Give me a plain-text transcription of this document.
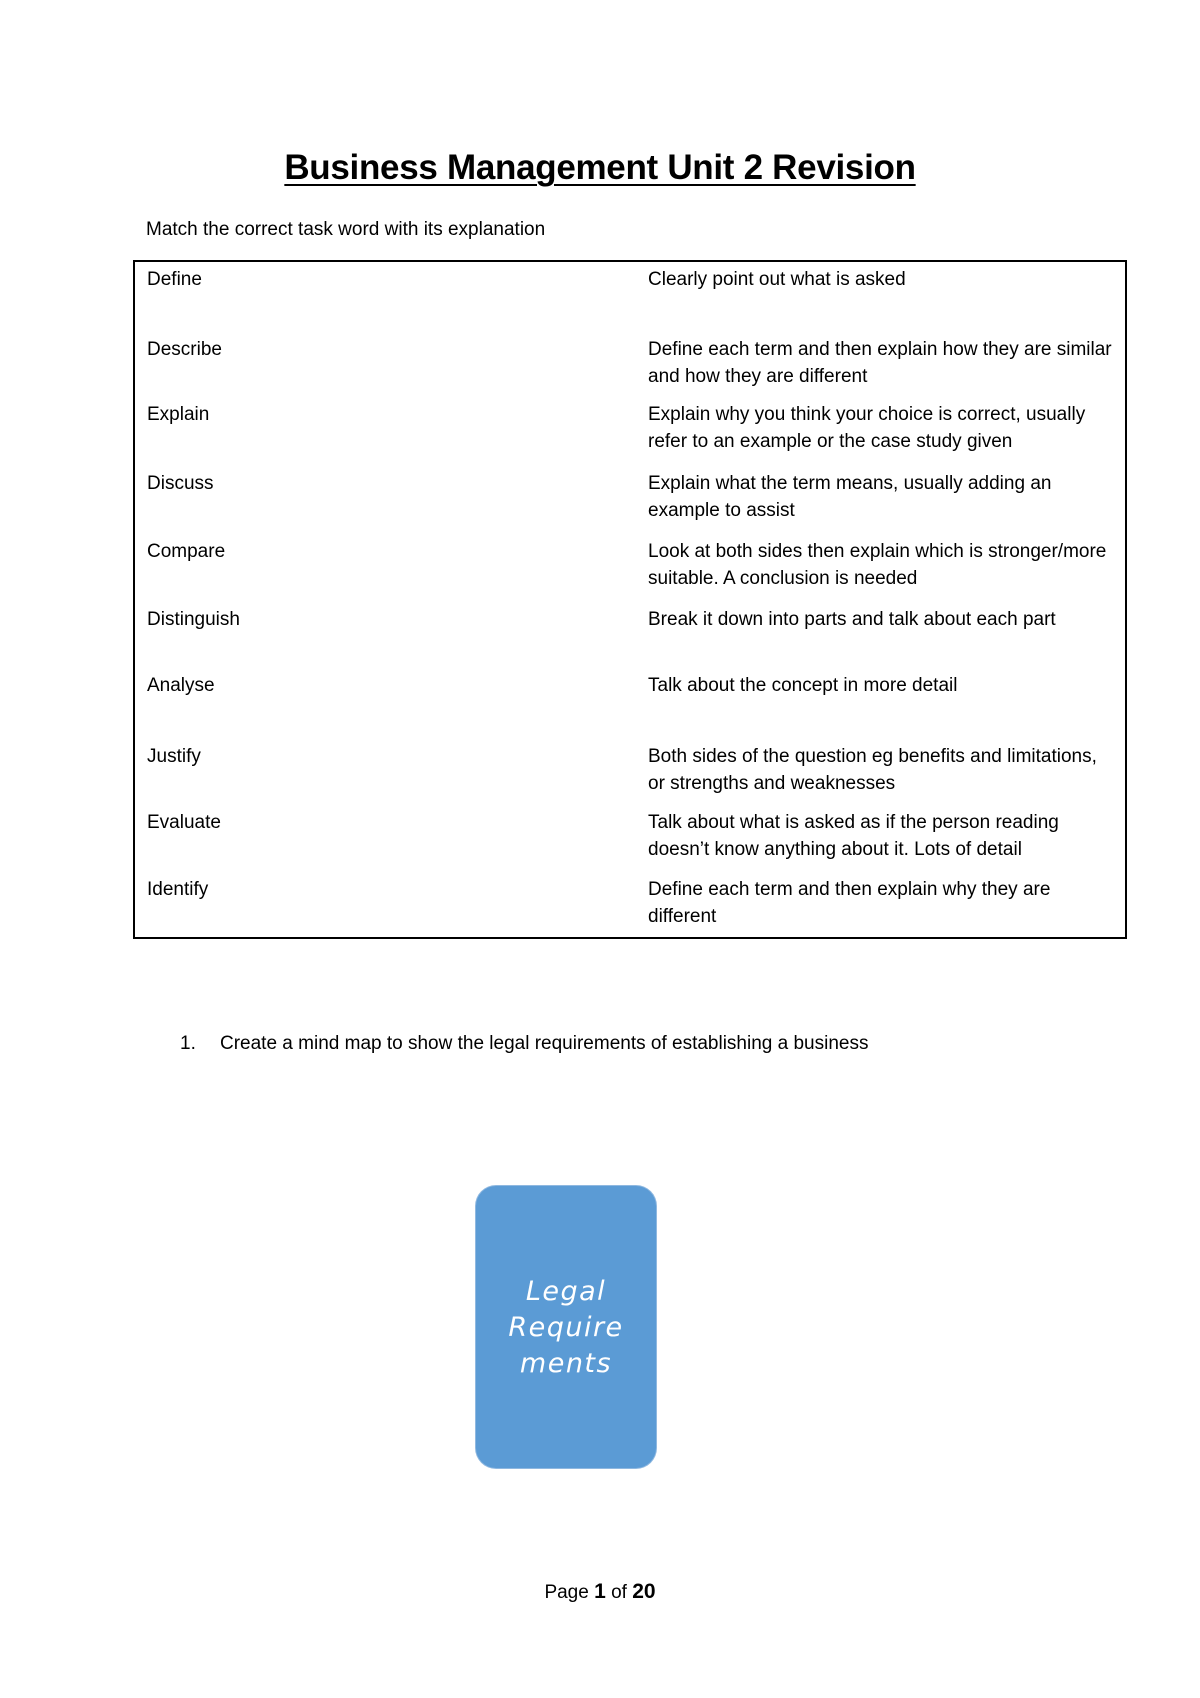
Business Management Unit 2 Revision
Match the correct task word with its explanation
Define	Clearly point out what is asked
Describe	Define each term and then explain how they are similar and how they are different
Explain	Explain why you think your choice is correct, usually refer to an example or the case study given
Discuss	Explain what the term means, usually adding an example to assist
Compare	Look at both sides then explain which is stronger/more suitable. A conclusion is needed
Distinguish	Break it down into parts and talk about each part
Analyse	Talk about the concept in more detail
Justify	Both sides of the question eg benefits and limitations, or strengths and weaknesses
Evaluate	Talk about what is asked as if the person reading doesn’t know anything about it. Lots of detail
Identify	Define each term and then explain why they are different
1. Create a mind map to show the legal requirements of establishing a business
Legal
Require
ments
Page 1 of 20
